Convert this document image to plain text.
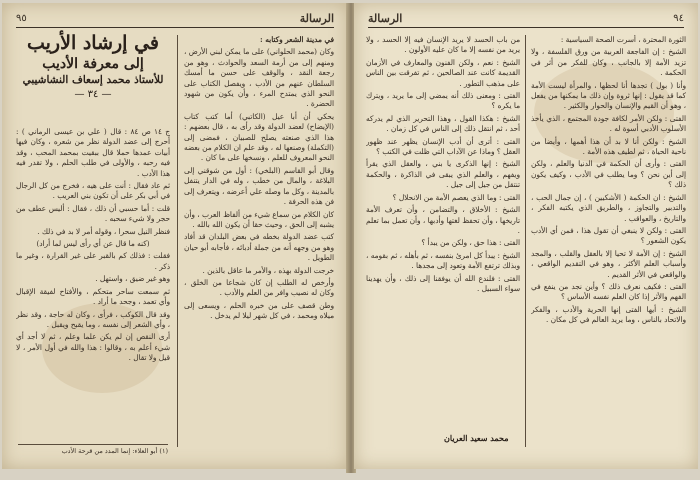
الرسالة
٩٥

في مدينة الشعر وكتابه :

وكان (محمد الحلواني) على ما يمكن لبني الأرض ، ومنهم إلى من أرمة السعد والحوادث ، وهو من رجعة النقد ، والوقف على حسن ما أمسك السلطان عنهم من الأدب ، ويفصل الكتاب على النحو الذي يمتدح المرء ، وأن يكون من شهود الحضرة .

يحكي أن أبا عيل (الكاتبي) أما كتب كتاب (الإيضاح) لعضد الدولة وقد رأى به ، قال بعضهم : هذا الذي صنعته يصلح للصبيان ، فمضى إلى (التكملة) وصنعها له ، وقد علم ان الكلام من بعضه النحو المعروف للعلم ، ونسخها على ما كان .

وقال أبو القاسم (البلخي) : أول من شوقني إلى البلاغة ، والمال من خطب ، وله في الدار يتنفل بالمدينة ، وكل ما وصله علي أعرضه ، ويتعرف إلى فن هذه الحرفة .

كان الكلام من سماع شيء من ألفاظ العرب ، وأن يشبه إلى الحق ، وحيث حقا أن يكون الله بالله .

كتب عضد الدولة بخطه في بعض البلدان قد أفاد وهو من وجهه أنه من جملة أدبائه ، فأجابه أبو حيان الطويل .

خرجت الدولة بهذه ، والأمر ما عاقل بالذين .

وأرخص له الطلب إن كان شجاعا من الخلق ، وكان له نصيب وافر من العلم والأدب .

وطن قصف على من خبره الحلم ، ويسعى إلى ميلاه ومحمد ، في كل شهر ليلا لم يدخل .

في إرشاد الأريب
إلى معرفة الأديب
للأستاذ محمد إسعاف النشاشيبي
— ٣٤ —

ج ١٤ ص ٨٤ : قال ( علي بن عيسى الرماني ) : أحرج إلى عضد الدولة نظر من شعره ، وكان فيها أبيات عمدها حملا قال ببقيت بمحمد المحب ، وقد فيه رحبه ، والأولى في طلب الحلم ، ولا تقدر فيه هذا الأدب .

ثم عاد فقال : أنت على هيه ، فخرج من كل الرجال في أبي بكر على أن تكون بني العريب .

قلت : أما حسبي أن ذلك ، فقال : أليس عطف من حجر ولا شيء سحبه .

فنظر النيل سحرا ، وقوله أمر لا بد في ذلك .

(كنه ما قال عن أي رأى ليس لما أراد)

فقلت : فذلك كم بالقبر على غير القرارة ، وغير ما ذكر .

وهو غير ضيق ، واستهل .

ثم سمعت ساحر متحكم ، والأفتاح لفيقة الإقبال وأي تعمد ، وجحد ما أراد .

وقد قال الكوكب ، فرأى ، وكان له حاجة ، وقد نظر ، وأي الشعر إلى نفسه ، وما يقبح ويقبل .

أرى النقص إن لم يكن علما وعلم ، ثم لا أجد أي شيء أعلم به ، وقالوا : هذا والله في أول الأمر ، لا قيل ولا تقال .

(١) أبو العلاء: إنما المدد من قرحة الأدب
٩٤
الرسالة

الثورة المحترة ، أسرت الصحة السياسية :

الشيخ : إن الفاجعة العربية من ورق الفلسفة ، ولا تزيد الأمة إلا بالجانب ، وكان للفكر من أثر في الحكمة .

وأنا ( بول ) تجدها أنا لحظها ، والمرأة ليست الأمة كما قد يقول : إنها ثروة وإن ذلك ما يمكنها من يفعل ، وهو أن القيم والإنسان والحوار والكثير .

الفتى : ولكن الأمر لكافة جودة المجتمع ، الذي يأخذ الأسلوب الأدبي أسوة له .

الشيخ : ولكن أنا لا بد أن هذا أهمها ، وأيضا من ناحية الحياة ، ثم لطيف هذه الأمة .

الفتى : وأرى أن الحكمة في الدنيا والعلم ، ولكن إلى أين نحن ؟ وما يطلب في الأدب ، وكيف يكون ذلك ؟

الشيخ : ان الحكمة ( الأشكيين ) ، إن جمال الحب ، والتدبير والتجاوز ، والطريق الذي يكتبه الفكر ، والتاريخ ، والعواقب .

الفتى : ولكن لا ينبغي أن تقول هذا ، فمن أي الأدب يكون الشعور ؟

الشيخ : إن الأمة لا تحيا إلا بالعقل والقلب ، والمجد وأسباب العلم الأكثر ، وهو في التقديم الواقعي ، والواقعي في الأثر القديم .

الفتى : فكيف نعرف ذلك ؟ وأين نجد من ينفع في الفهم والأثر إذا كان العلم نفسه الأساس ؟

الشيخ : أيها الفتى إنها الحرية والأدب ، والفكر والاتحاد بالناس ، وما يريد العالم في كل مكان .

من باب الحسد لا يريد الإنسان فيه إلا الحسد ، ولا يريد من نفسه إلا ما كان عليه الأولون .

الشيخ : نعم ، ولكن الفنون والمعارف في الأزمان القديمة كانت عند الصالحين ، ثم تفرقت بين الناس على مذهب التطور .

الفتى : ومعنى ذلك أنه يمضي إلى ما يريد ، ويترك ما يكره ؟

الشيخ : هكذا القول ، وهذا التحرير الذي لم يدركه أحد ، ثم انتقل ذلك إلى الناس في كل زمان .

الفتى : أترى أن أدب الإنسان يظهر عند ظهور العقل ؟ وماذا عن الآداب التي ظلت في الكتب ؟

الشيخ : إنها الذكرى يا بني ، والعقل الذي يقرأ ويفهم ، والعلم الذي يبقى في الذاكرة ، والحكمة تنتقل من جيل إلى جيل .

الفتى : وما الذي يعصم الأمة من الانحلال ؟

الشيخ : الأخلاق ، والتضامن ، وأن تعرف الأمة تاريخها ، وأن تحفظ لغتها وأدبها ، وأن تعمل بما تعلم .

الفتى : هذا حق ، ولكن من يبدأ ؟

الشيخ : يبدأ كل امرئ بنفسه ، ثم بأهله ، ثم بقومه ، وبذلك ترتفع الأمة وتعود إلى مجدها .

الفتى : فلندع الله أن يوفقنا إلى ذلك ، وأن يهدينا سواء السبيل .

محمد سعيد العريان
